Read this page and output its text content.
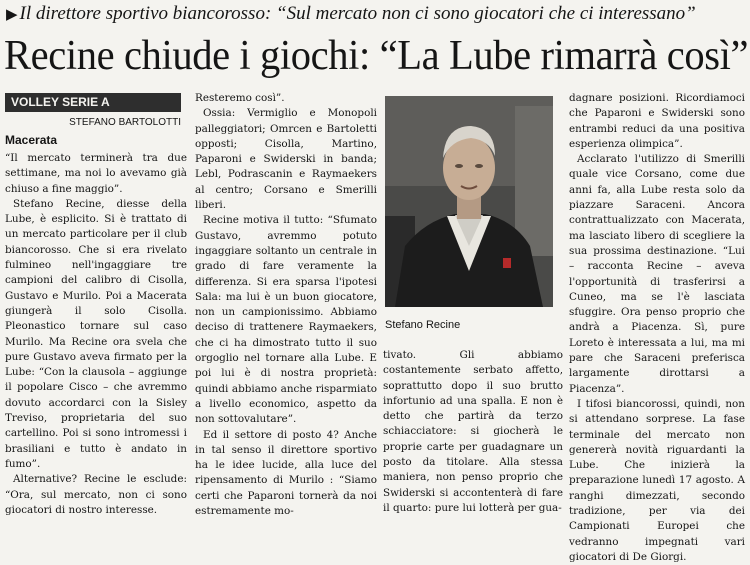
▶ Il direttore sportivo biancorosso: “Sul mercato non ci sono giocatori che ci interessano”
Recine chiude i giochi: “La Lube rimarrà così”
VOLLEY SERIE A
STEFANO BARTOLOTTI
Macerata

“Il mercato terminerà tra due settimane, ma noi lo avevamo già chiuso a fine maggio”.

Stefano Recine, diesse della Lube, è esplicito. Si è trattato di un mercato particolare per il club biancorosso. Che si era rivelato fulmineo nell'ingaggiare tre campioni del calibro di Cisolla, Gustavo e Murilo. Poi a Macerata giungerà il solo Cisolla. Pleonastico tornare sul caso Murilo. Ma Recine ora svela che pure Gustavo aveva firmato per la Lube: “Con la clausola – aggiunge il popolare Cisco – che avremmo dovuto accordarci con la Sisley Treviso, proprietaria del suo cartellino. Poi si sono intromessi i brasiliani e tutto è andato in fumo”.

Alternative? Recine le esclude: “Ora, sul mercato, non ci sono giocatori di nostro interesse.

Resteremo così”.

Ossia: Vermiglio e Monopoli palleggiatori; Omrcen e Bartoletti opposti; Cisolla, Martino, Paparoni e Swiderski in banda; Lebl, Podrascanin e Raymaekers al centro; Corsano e Smerilli liberi.

Recine motiva il tutto: “Sfumato Gustavo, avremmo potuto ingaggiare soltanto un centrale in grado di fare veramente la differenza. Si era sparsa l'ipotesi Sala: ma lui è un buon giocatore, non un campionissimo. Abbiamo deciso di trattenere Raymaekers, che ci ha dimostrato tutto il suo orgoglio nel tornare alla Lube. E poi lui è di nostra proprietà: quindi abbiamo anche risparmiato a livello economico, aspetto da non sottovalutare”.

Ed il settore di posto 4? Anche in tal senso il direttore sportivo ha le idee lucide, alla luce del ripensamento di Murilo : “Siamo certi che Paparoni tornerà da noi estremamente mo-

Stefano Recine

tivato. Gli abbiamo costantemente serbato affetto, soprattutto dopo il suo brutto infortunio ad una spalla. E non è detto che partirà da terzo schiacciatore: si giocherà le proprie carte per guadagnare un posto da titolare. Alla stessa maniera, non penso proprio che Swiderski si accontenterà di fare il quarto: pure lui lotterà per gua-

dagnare posizioni. Ricordiamoci che Paparoni e Swiderski sono entrambi reduci da una positiva esperienza olimpica”.

Acclarato l'utilizzo di Smerilli quale vice Corsano, come due anni fa, alla Lube resta solo da piazzare Saraceni. Ancora contrattualizzato con Macerata, ma lasciato libero di scegliere la sua prossima destinazione. “Lui – racconta Recine – aveva l'opportunità di trasferirsi a Cuneo, ma se l'è lasciata sfuggire. Ora penso proprio che andrà a Piacenza. Sì, pure Loreto è interessata a lui, ma mi pare che Saraceni preferisca largamente dirottarsi a Piacenza”.

I tifosi biancorossi, quindi, non si attendano sorprese. La fase terminale del mercato non genererà novità riguardanti la Lube. Che inizierà la preparazione lunedì 17 agosto. A ranghi dimezzati, secondo tradizione, per via dei Campionati Europei che vedranno impegnati vari giocatori di De Giorgi.
